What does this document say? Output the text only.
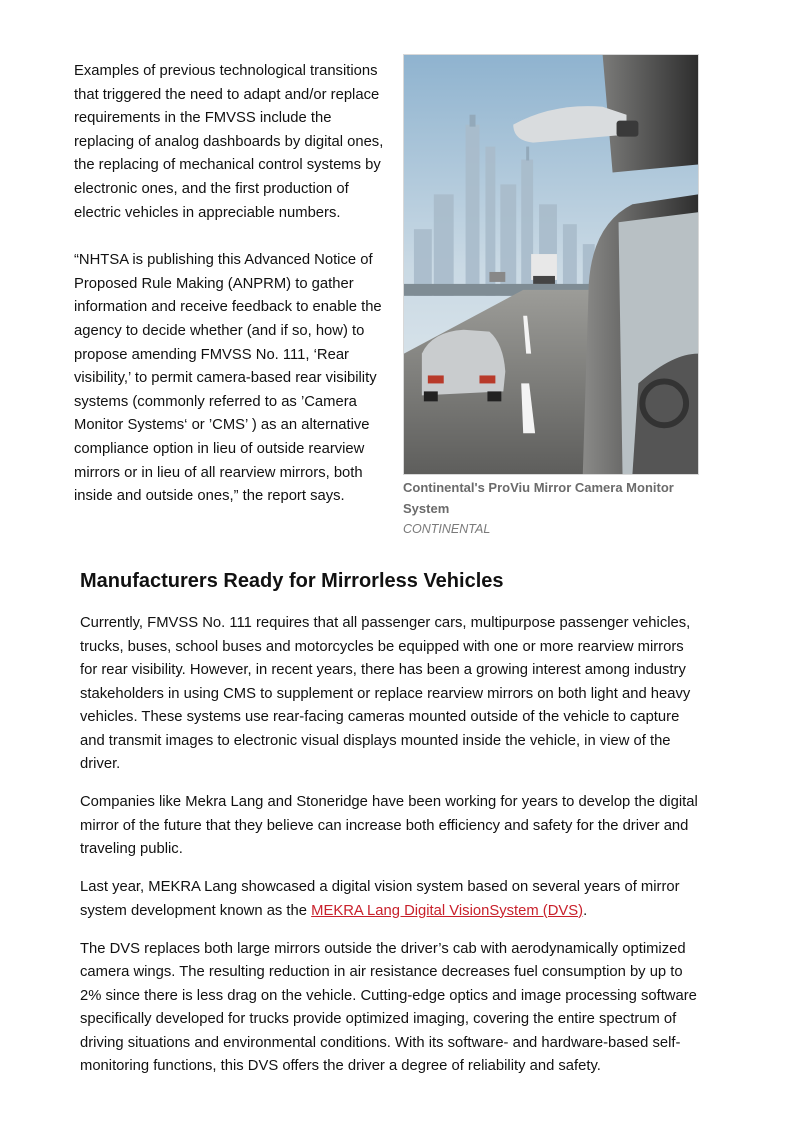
Examples of previous technological transitions that triggered the need to adapt and/or replace requirements in the FMVSS include the replacing of analog dashboards by digital ones, the replacing of mechanical control systems by electronic ones, and the first production of electric vehicles in appreciable numbers.

“NHTSA is publishing this Advanced Notice of Proposed Rule Making (ANPRM) to gather information and receive feedback to enable the agency to decide whether (and if so, how) to propose amending FMVSS No. 111, ‘Rear visibility,’ to permit camera-based rear visibility systems (commonly referred to as ’Camera Monitor Systems‘ or ’CMS’ ) as an alternative compliance option in lieu of outside rearview mirrors or in lieu of all rearview mirrors, both inside and outside ones,” the report says.

Continental's ProViu Mirror Camera Monitor System
CONTINENTAL
Manufacturers Ready for Mirrorless Vehicles

Currently, FMVSS No. 111 requires that all passenger cars, multipurpose passenger vehicles, trucks, buses, school buses and motorcycles be equipped with one or more rearview mirrors for rear visibility. However, in recent years, there has been a growing interest among industry stakeholders in using CMS to supplement or replace rearview mirrors on both light and heavy vehicles. These systems use rear-facing cameras mounted outside of the vehicle to capture and transmit images to electronic visual displays mounted inside the vehicle, in view of the driver.

Companies like Mekra Lang and Stoneridge have been working for years to develop the digital mirror of the future that they believe can increase both efficiency and safety for the driver and traveling public.

Last year, MEKRA Lang showcased a digital vision system based on several years of mirror system development known as the MEKRA Lang Digital VisionSystem (DVS).

The DVS replaces both large mirrors outside the driver’s cab with aerodynamically optimized camera wings. The resulting reduction in air resistance decreases fuel consumption by up to 2% since there is less drag on the vehicle. Cutting-edge optics and image processing software specifically developed for trucks provide optimized imaging, covering the entire spectrum of driving situations and environmental conditions. With its software- and hardware-based self-monitoring functions, this DVS offers the driver a degree of reliability and safety.
